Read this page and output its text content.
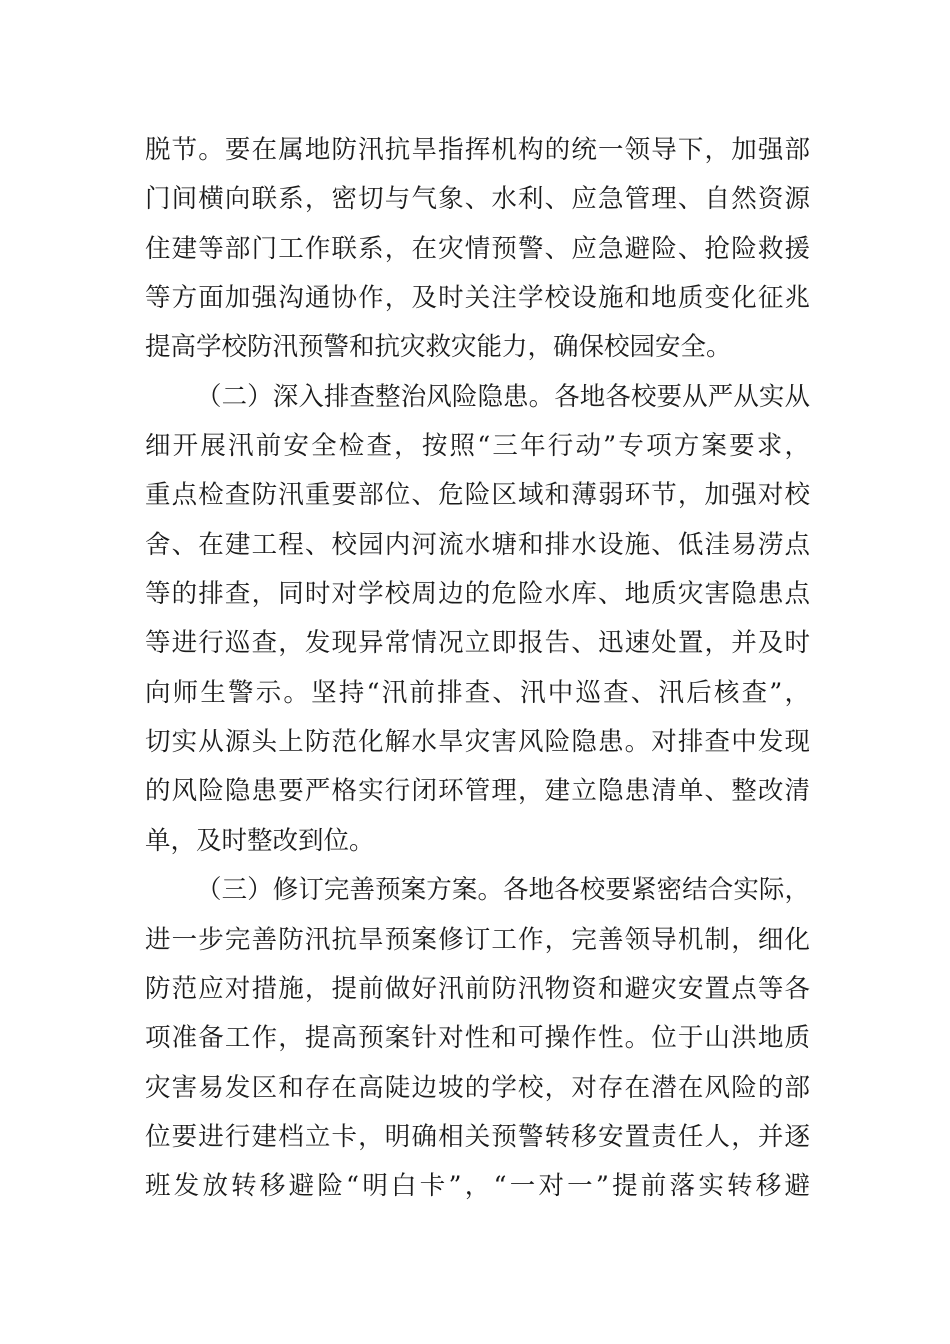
脱节。要在属地防汛抗旱指挥机构的统一领导下，加强部
门间横向联系，密切与气象、水利、应急管理、自然资源
住建等部门工作联系，在灾情预警、应急避险、抢险救援
等方面加强沟通协作，及时关注学校设施和地质变化征兆
提高学校防汛预警和抗灾救灾能力，确保校园安全。
（二）深入排查整治风险隐患。各地各校要从严从实从
细开展汛前安全检查，按照“三年行动”专项方案要求，
重点检查防汛重要部位、危险区域和薄弱环节，加强对校
舍、在建工程、校园内河流水塘和排水设施、低洼易涝点
等的排查，同时对学校周边的危险水库、地质灾害隐患点
等进行巡查，发现异常情况立即报告、迅速处置，并及时
向师生警示。坚持“汛前排查、汛中巡查、汛后核查”，
切实从源头上防范化解水旱灾害风险隐患。对排查中发现
的风险隐患要严格实行闭环管理，建立隐患清单、整改清
单，及时整改到位。
（三）修订完善预案方案。各地各校要紧密结合实际，
进一步完善防汛抗旱预案修订工作，完善领导机制，细化
防范应对措施，提前做好汛前防汛物资和避灾安置点等各
项准备工作，提高预案针对性和可操作性。位于山洪地质
灾害易发区和存在高陡边坡的学校，对存在潜在风险的部
位要进行建档立卡，明确相关预警转移安置责任人，并逐
班发放转移避险“明白卡”，“一对一”提前落实转移避
